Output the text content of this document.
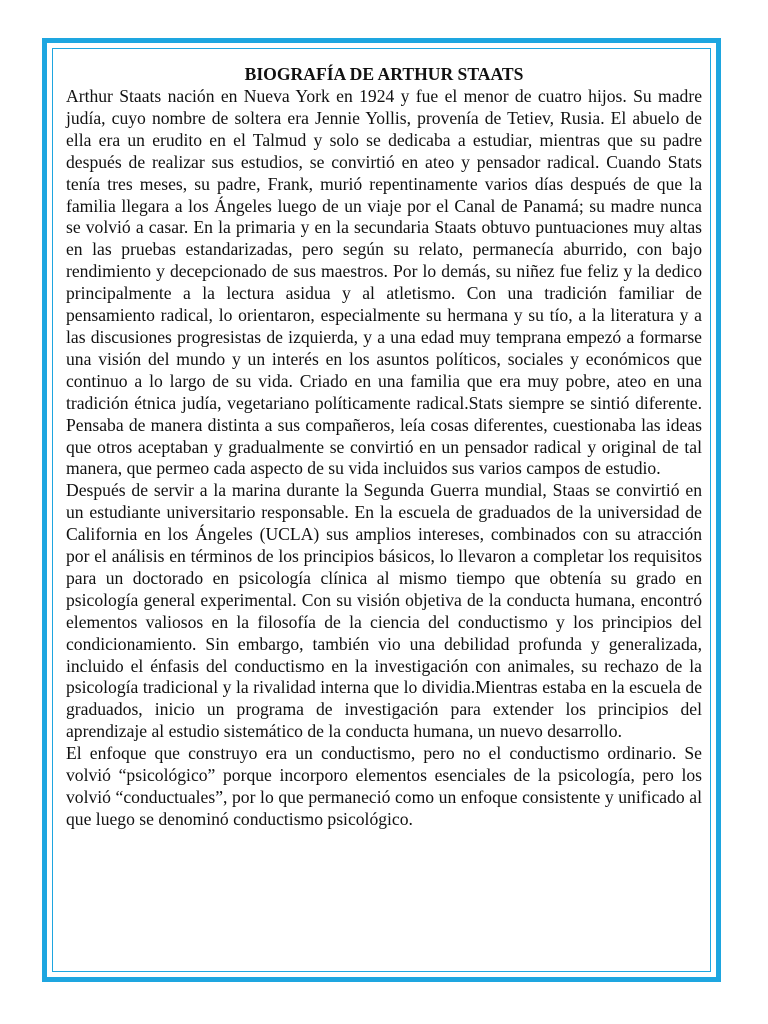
BIOGRAFÍA DE ARTHUR STAATS

Arthur Staats nación en Nueva York en 1924 y fue el menor de cuatro hijos. Su madre judía, cuyo nombre de soltera era Jennie Yollis, provenía de Tetiev, Rusia. El abuelo de ella era un erudito en el Talmud y solo se dedicaba a estudiar, mientras que su padre después de realizar sus estudios, se convirtió en ateo y pensador radical. Cuando Stats tenía tres meses, su padre, Frank, murió repentinamente varios días después de que la familia llegara a los Ángeles luego de un viaje por el Canal de Panamá; su madre nunca se volvió a casar. En la primaria y en la secundaria Staats obtuvo puntuaciones muy altas en las pruebas estandarizadas, pero según su relato, permanecía aburrido, con bajo rendimiento y decepcionado de sus maestros. Por lo demás, su niñez fue feliz y la dedico principalmente a la lectura asidua y al atletismo. Con una tradición familiar de pensamiento radical, lo orientaron, especialmente su hermana y su tío, a la literatura y a las discusiones progresistas de izquierda, y a una edad muy temprana empezó a formarse una visión del mundo y un interés en los asuntos políticos, sociales y económicos que continuo a lo largo de su vida. Criado en una familia que era muy pobre, ateo en una tradición étnica judía, vegetariano políticamente radical.Stats siempre se sintió diferente. Pensaba de manera distinta a sus compañeros, leía cosas diferentes, cuestionaba las ideas que otros aceptaban y gradualmente se convirtió en un pensador radical y original de tal manera, que permeo cada aspecto de su vida incluidos sus varios campos de estudio.

Después de servir a la marina durante la Segunda Guerra mundial, Staas se convirtió en un estudiante universitario responsable. En la escuela de graduados de la universidad de California en los Ángeles (UCLA) sus amplios intereses, combinados con su atracción por el análisis en términos de los principios básicos, lo llevaron a completar los requisitos para un doctorado en psicología clínica al mismo tiempo que obtenía su grado en psicología general experimental. Con su visión objetiva de la conducta humana, encontró elementos valiosos en la filosofía de la ciencia del conductismo y los principios del condicionamiento. Sin embargo, también vio una debilidad profunda y generalizada, incluido el énfasis del conductismo en la investigación con animales, su rechazo de la psicología tradicional y la rivalidad interna que lo dividia.Mientras estaba en la escuela de graduados, inicio un programa de investigación para extender los principios del aprendizaje al estudio sistemático de la conducta humana, un nuevo desarrollo.

El enfoque que construyo era un conductismo, pero no el conductismo ordinario. Se volvió “psicológico” porque incorporo elementos esenciales de la psicología, pero los volvió “conductuales”, por lo que permaneció como un enfoque consistente y unificado al que luego se denominó conductismo psicológico.
